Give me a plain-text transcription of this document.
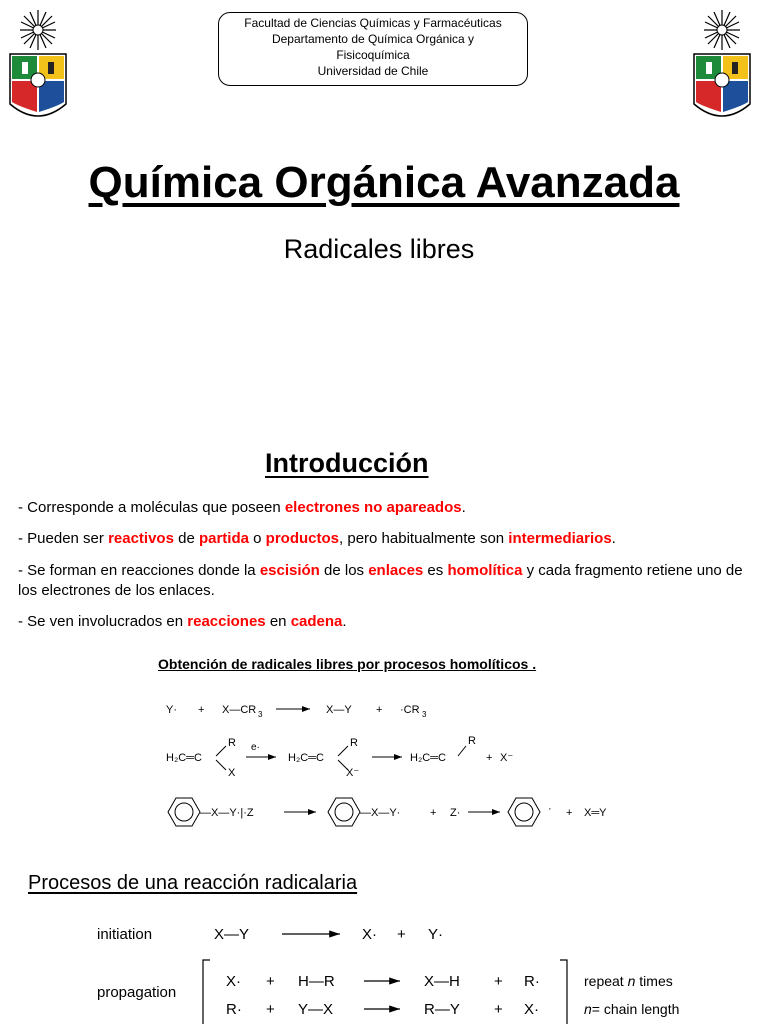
Facultad de Ciencias Químicas y Farmacéuticas
Departamento de Química Orgánica y
Fisicoquímica
Universidad de Chile
Química Orgánica Avanzada
Radicales libres
Introducción
- Corresponde a moléculas que poseen electrones no apareados.
- Pueden ser reactivos de partida o productos, pero habitualmente son intermediarios.
- Se forman en reacciones donde la escisión de los enlaces es homolítica y cada fragmento retiene uno de los electrones de los enlaces.
- Se ven involucrados en reacciones en cadena.
Obtención de radicales libres por procesos homolíticos .
Y· + X—CR 3	X—Y + ·CR 3
H₂C═C
R
X
e·
H₂C═C
R
X⁻
H₂C═C
R
+ X⁻
—X—Y·|·Z	—X—Y·	+ Z·	· + X═Y
Procesos de una reacción radicalaria
initiation	X—Y	X· + Y·
propagation
X· + H—R	X—H + R·
R· + Y—X	R—Y + X·
repeat n times
n= chain length
